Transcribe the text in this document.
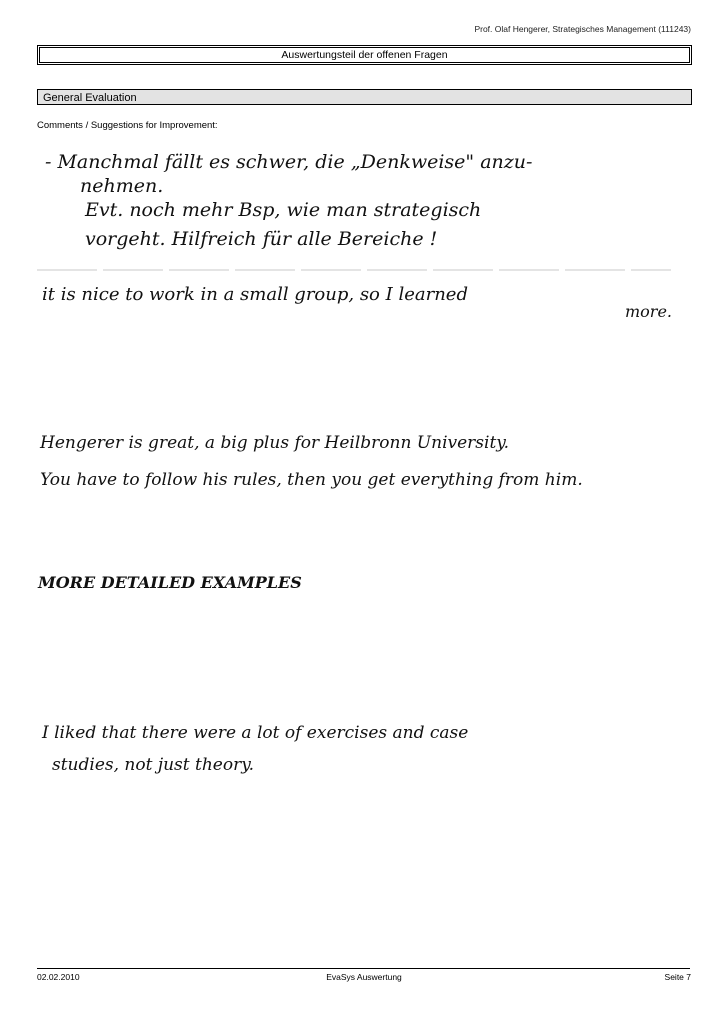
Prof. Olaf Hengerer, Strategisches Management (111243)
Auswertungsteil der offenen Fragen
General Evaluation
Comments / Suggestions for Improvement:
- Manchmal fällt es schwer, die „Denkweise" anzu-
nehmen.
Evt. noch mehr Bsp, wie man strategisch
vorgeht. Hilfreich für alle Bereiche !
it is nice to work in a small group, so I learned
more.
Hengerer is great, a big plus for Heilbronn University.
You have to follow his rules, then you get everything from him.
MORE DETAILED EXAMPLES
I liked that there were a lot of exercises and case
studies, not just theory.
02.02.2010	EvaSys Auswertung	Seite 7
